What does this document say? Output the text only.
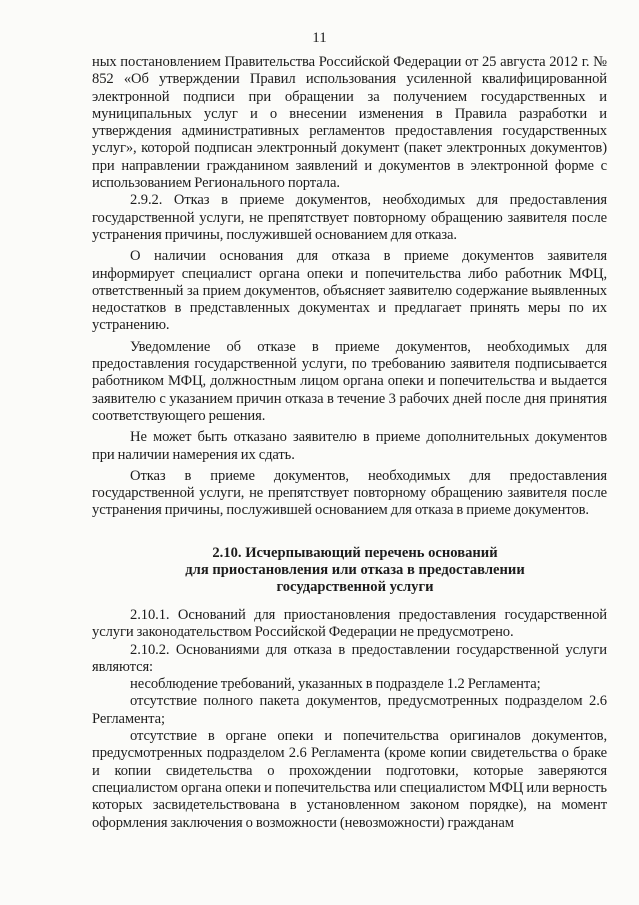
11

ных постановлением Правительства Российской Федерации от 25 августа 2012 г. № 852 «Об утверждении Правил использования усиленной квалифицированной электронной подписи при обращении за получением государственных и муниципальных услуг и о внесении изменения в Правила разработки и утверждения административных регламентов предоставления государственных услуг», которой подписан электронный документ (пакет электронных документов) при направлении гражданином заявлений и документов в электронной форме с использованием Регионального портала.

2.9.2. Отказ в приеме документов, необходимых для предоставления государственной услуги, не препятствует повторному обращению заявителя после устранения причины, послужившей основанием для отказа.

О наличии основания для отказа в приеме документов заявителя информирует специалист органа опеки и попечительства либо работник МФЦ, ответственный за прием документов, объясняет заявителю содержание выявленных недостатков в представленных документах и предлагает принять меры по их устранению.

Уведомление об отказе в приеме документов, необходимых для предоставления государственной услуги, по требованию заявителя подписывается работником МФЦ, должностным лицом органа опеки и попечительства и выдается заявителю с указанием причин отказа в течение 3 рабочих дней после дня принятия соответствующего решения.

Не может быть отказано заявителю в приеме дополнительных документов при наличии намерения их сдать.

Отказ в приеме документов, необходимых для предоставления государственной услуги, не препятствует повторному обращению заявителя после устранения причины, послужившей основанием для отказа в приеме документов.

2.10. Исчерпывающий перечень оснований
для приостановления или отказа в предоставлении
государственной услуги

2.10.1. Оснований для приостановления предоставления государственной услуги законодательством Российской Федерации не предусмотрено.

2.10.2. Основаниями для отказа в предоставлении государственной услуги являются:

несоблюдение требований, указанных в подразделе 1.2 Регламента;

отсутствие полного пакета документов, предусмотренных подразделом 2.6 Регламента;

отсутствие в органе опеки и попечительства оригиналов документов, предусмотренных подразделом 2.6 Регламента (кроме копии свидетельства о браке и копии свидетельства о прохождении подготовки, которые заверяются специалистом органа опеки и попечительства или специалистом МФЦ или верность которых засвидетельствована в установленном законом порядке), на момент оформления заключения о возможности (невозможности) гражданам
